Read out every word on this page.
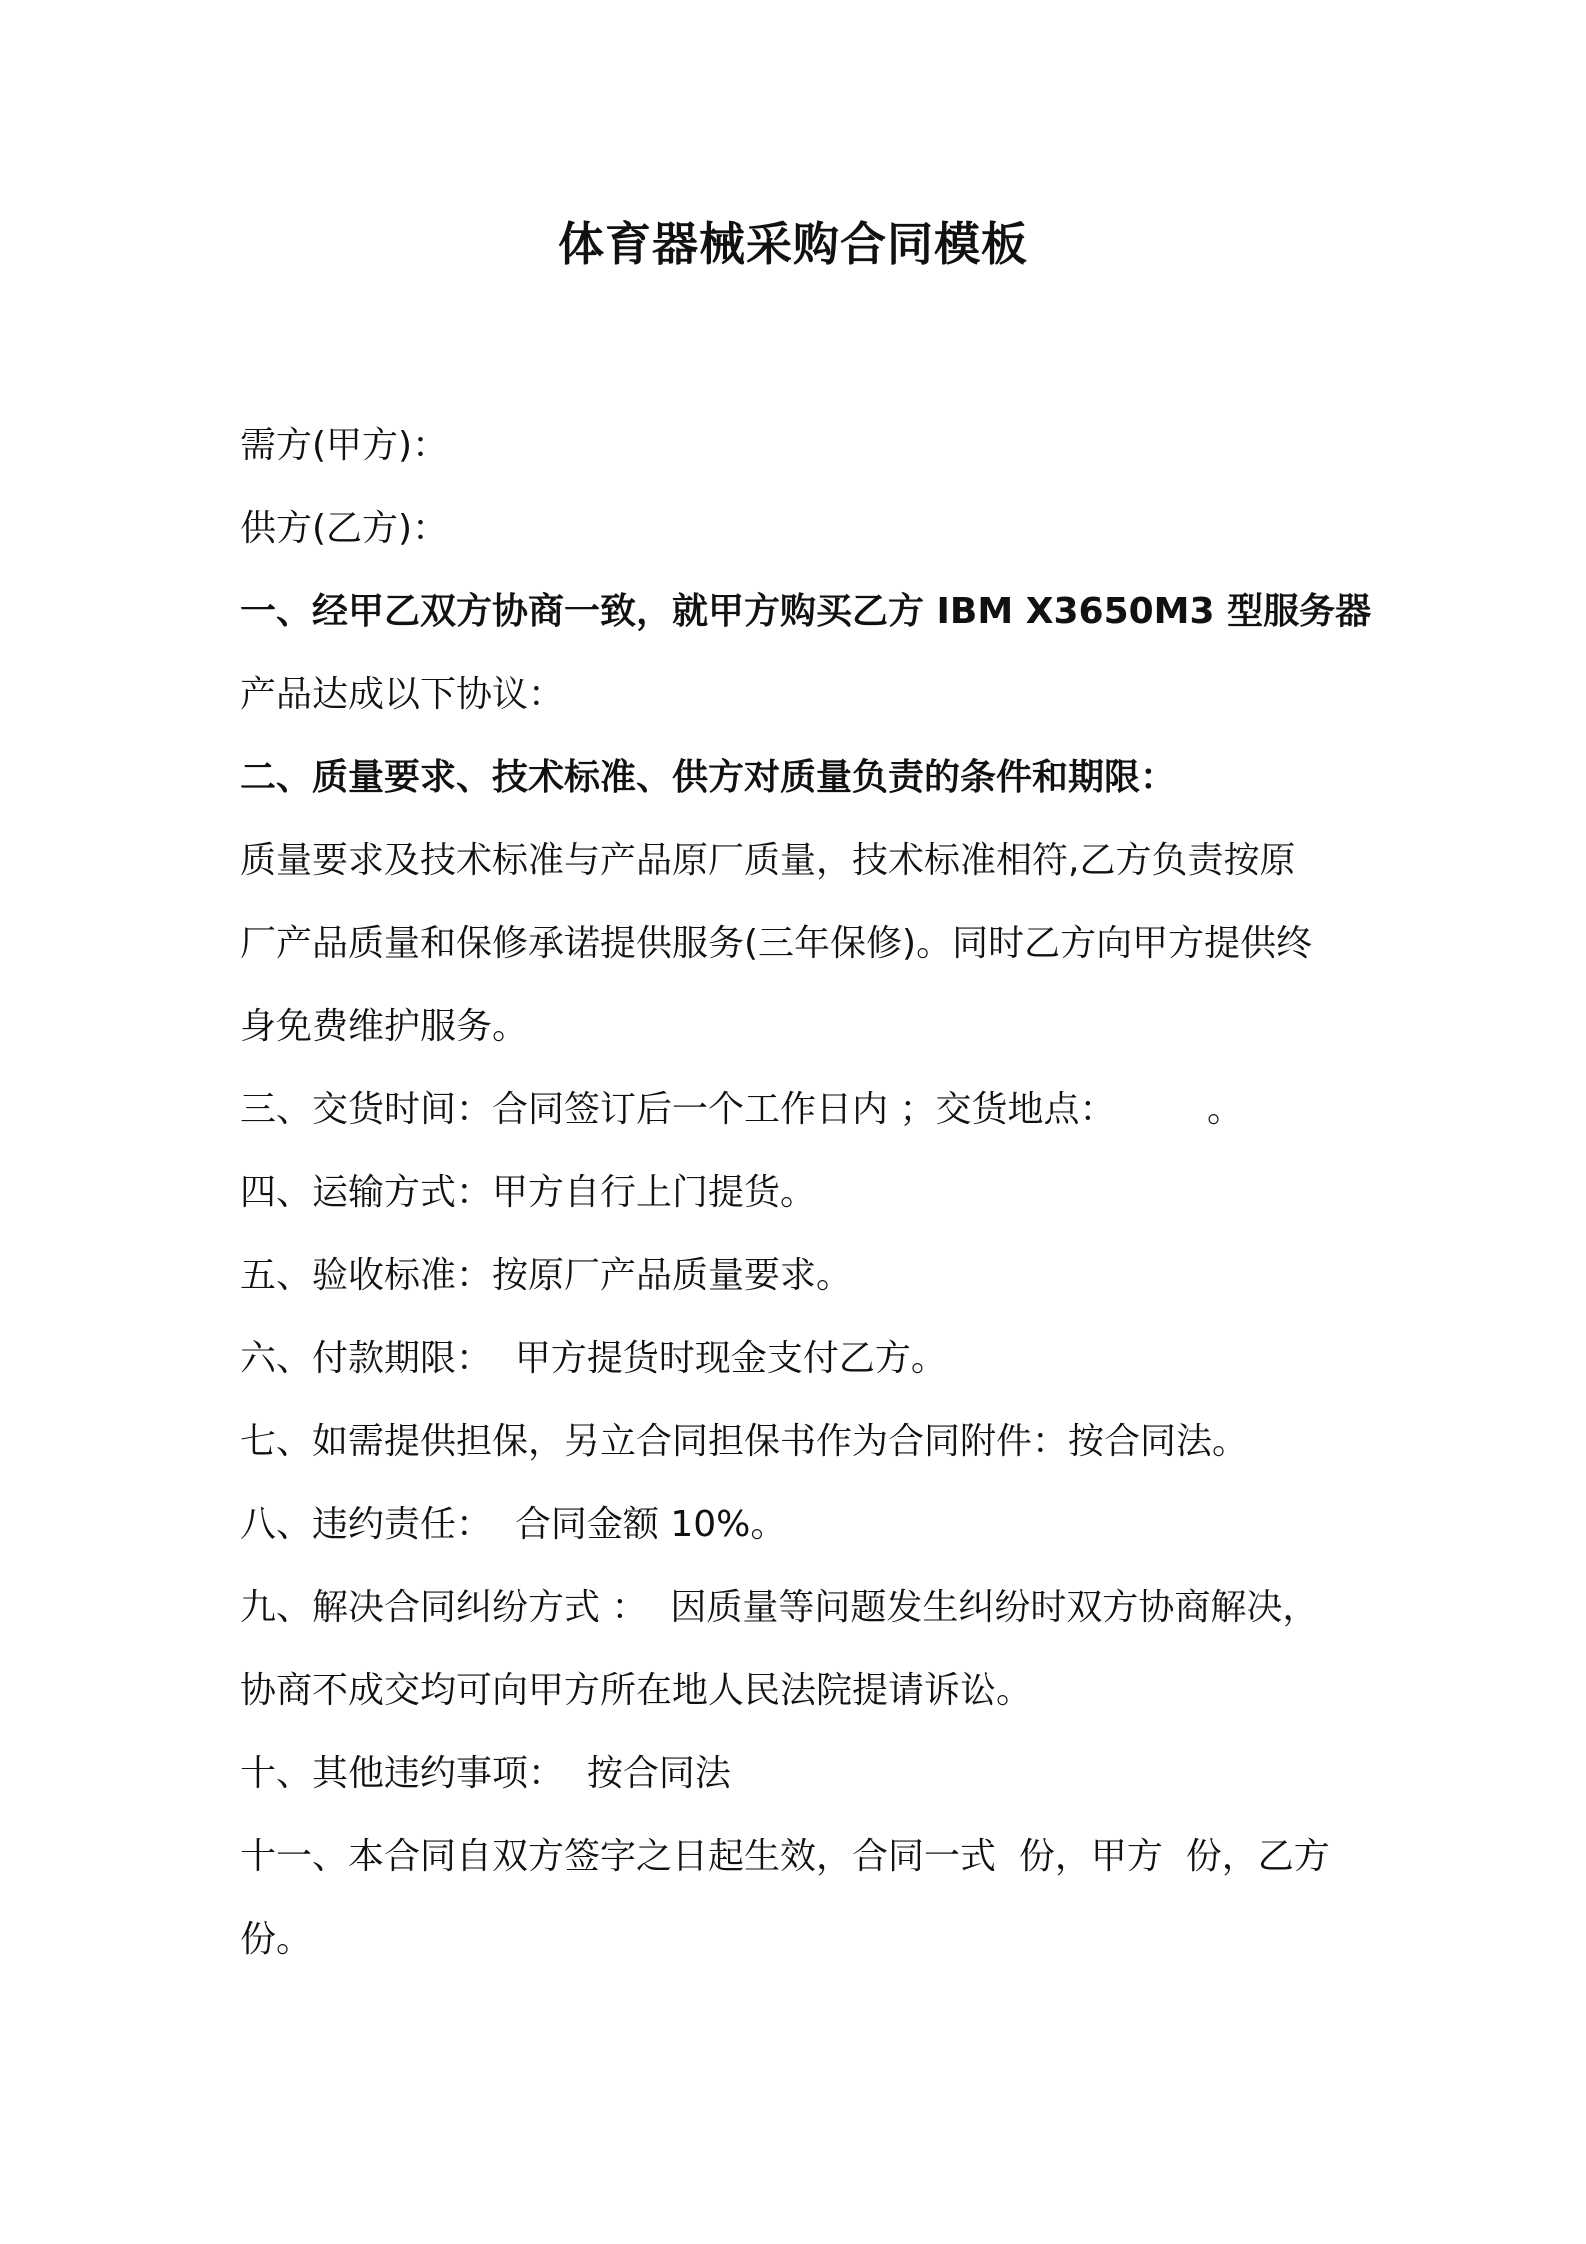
体育器械采购合同模板
需方(甲方)：
供方(乙方)：
一、经甲乙双方协商一致，就甲方购买乙方 IBM X3650M3 型服务器
产品达成以下协议：
二、质量要求、技术标准、供方对质量负责的条件和期限：
质量要求及技术标准与产品原厂质量，技术标准相符,乙方负责按原
厂产品质量和保修承诺提供服务(三年保修)。同时乙方向甲方提供终
身免费维护服务。
三、交货时间：合同签订后一个工作日内 ；交货地点：        。
四、运输方式：甲方自行上门提货。
五、验收标准：按原厂产品质量要求。
六、付款期限：  甲方提货时现金支付乙方。
七、如需提供担保，另立合同担保书作为合同附件：按合同法。
八、违约责任：  合同金额 10%。
九、解决合同纠纷方式 ：  因质量等问题发生纠纷时双方协商解决，
协商不成交均可向甲方所在地人民法院提请诉讼。
十、其他违约事项：  按合同法
十一、本合同自双方签字之日起生效，合同一式  份，甲方  份，乙方
份。
